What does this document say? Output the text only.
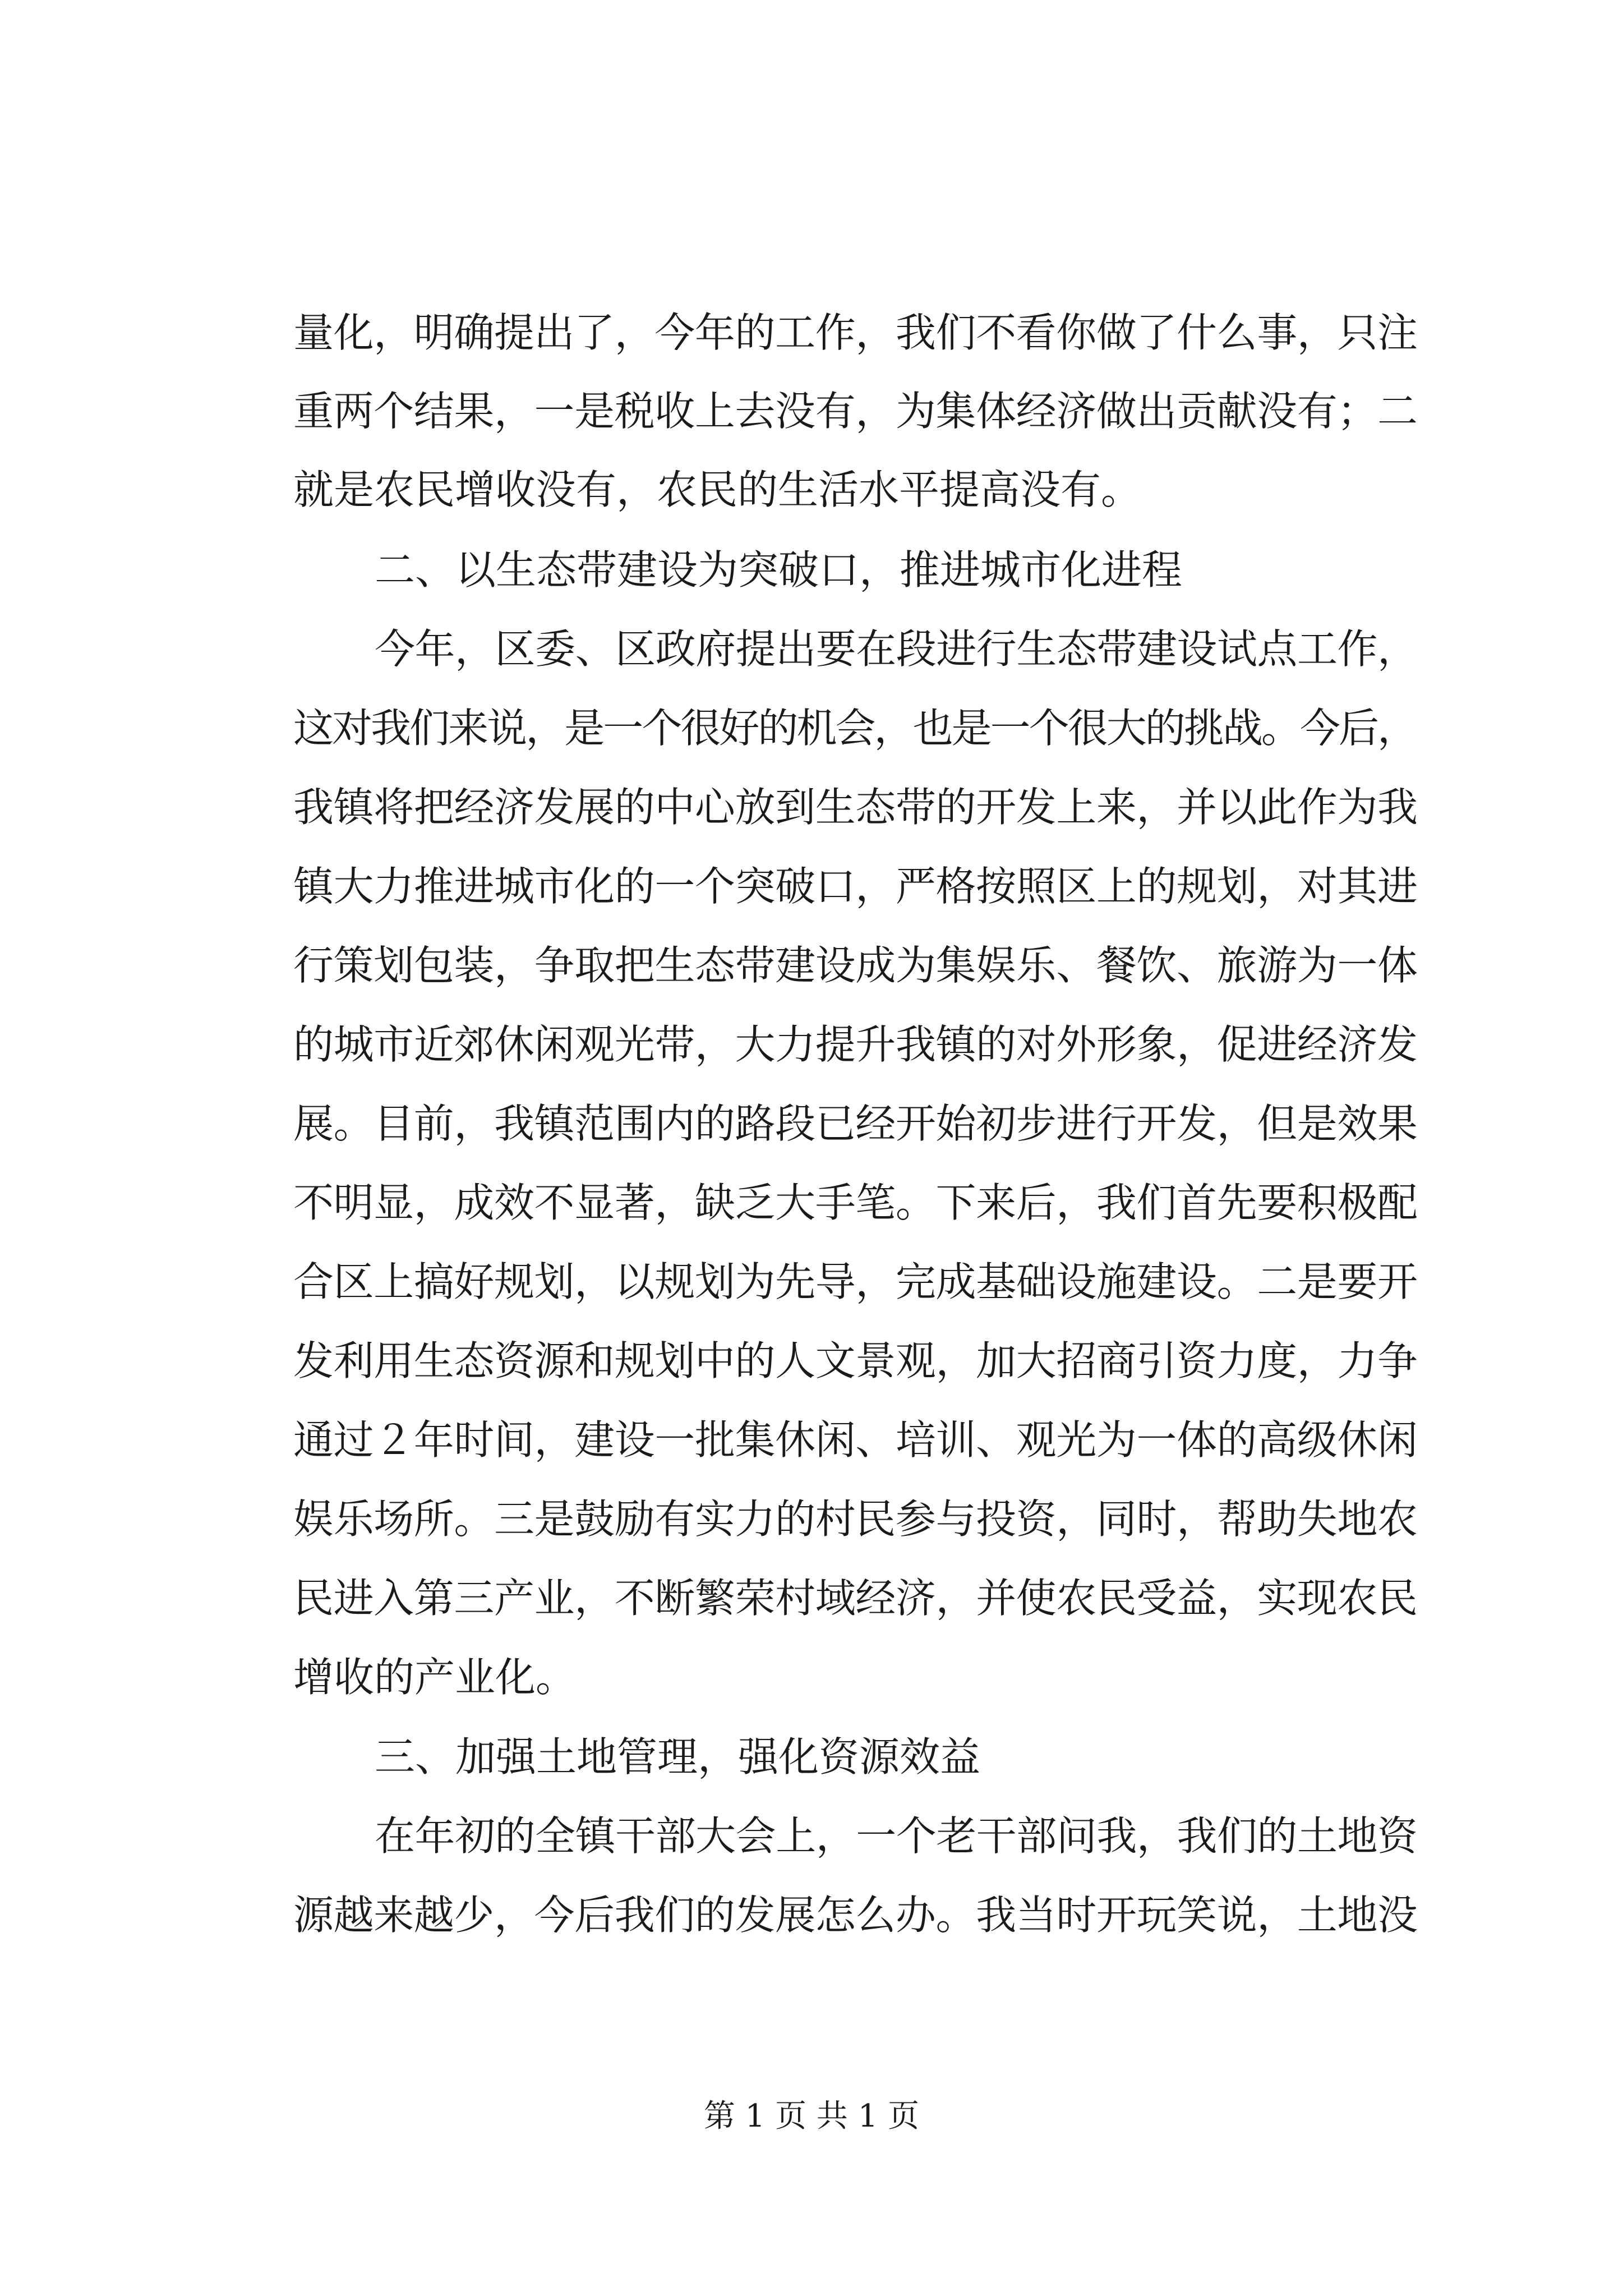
量化，明确提出了，今年的工作，我们不看你做了什么事，只注
重两个结果，一是税收上去没有，为集体经济做出贡献没有；二
就是农民增收没有，农民的生活水平提高没有。
二、以生态带建设为突破口，推进城市化进程
今年，区委、区政府提出要在段进行生态带建设试点工作，
这对我们来说，是一个很好的机会，也是一个很大的挑战。今后，
我镇将把经济发展的中心放到生态带的开发上来，并以此作为我
镇大力推进城市化的一个突破口，严格按照区上的规划，对其进
行策划包装，争取把生态带建设成为集娱乐、餐饮、旅游为一体
的城市近郊休闲观光带，大力提升我镇的对外形象，促进经济发
展。目前，我镇范围内的路段已经开始初步进行开发，但是效果
不明显，成效不显著，缺乏大手笔。下来后，我们首先要积极配
合区上搞好规划，以规划为先导，完成基础设施建设。二是要开
发利用生态资源和规划中的人文景观，加大招商引资力度，力争
通过２年时间，建设一批集休闲、培训、观光为一体的高级休闲
娱乐场所。三是鼓励有实力的村民参与投资，同时，帮助失地农
民进入第三产业，不断繁荣村域经济，并使农民受益，实现农民
增收的产业化。
三、加强土地管理，强化资源效益
在年初的全镇干部大会上，一个老干部问我，我们的土地资
源越来越少，今后我们的发展怎么办。我当时开玩笑说，土地没
第 1 页 共 1 页
